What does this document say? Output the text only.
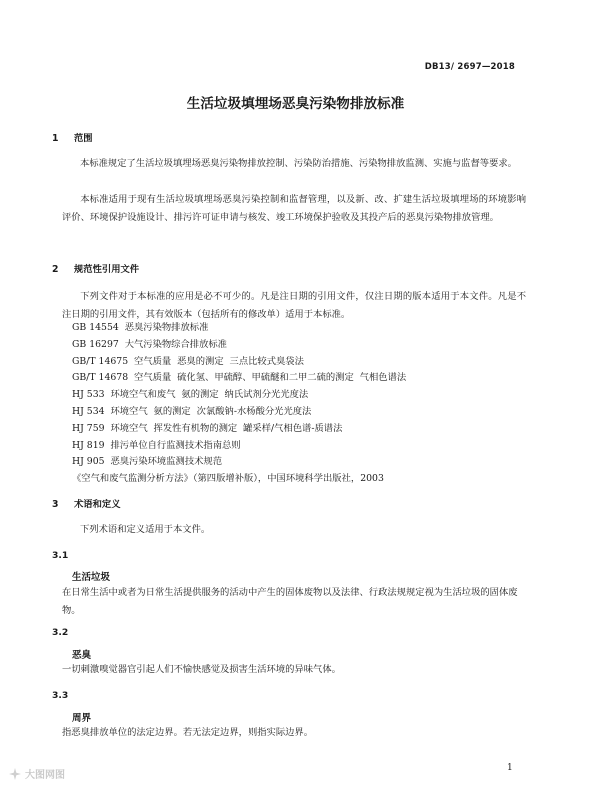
DB13/ 2697—2018
生活垃圾填埋场恶臭污染物排放标准
1 范围
本标准规定了生活垃圾填埋场恶臭污染物排放控制、污染防治措施、污染物排放监测、实施与监督等要求。
本标准适用于现有生活垃圾填埋场恶臭污染控制和监督管理，以及新、改、扩建生活垃圾填埋场的环境影响评价、环境保护设施设计、排污许可证申请与核发、竣工环境保护验收及其投产后的恶臭污染物排放管理。
2 规范性引用文件
下列文件对于本标准的应用是必不可少的。凡是注日期的引用文件，仅注日期的版本适用于本文件。凡是不注日期的引用文件，其有效版本（包括所有的修改单）适用于本标准。
GB 14554  恶臭污染物排放标准
GB 16297  大气污染物综合排放标准
GB/T 14675  空气质量  恶臭的测定  三点比较式臭袋法
GB/T 14678  空气质量  硫化氢、甲硫醇、甲硫醚和二甲二硫的测定  气相色谱法
HJ 533  环境空气和废气  氨的测定  纳氏试剂分光光度法
HJ 534  环境空气  氨的测定  次氯酸钠-水杨酸分光光度法
HJ 759  环境空气  挥发性有机物的测定  罐采样/气相色谱-质谱法
HJ 819  排污单位自行监测技术指南总则
HJ 905  恶臭污染环境监测技术规范
《空气和废气监测分析方法》（第四版增补版），中国环境科学出版社，2003
3 术语和定义
下列术语和定义适用于本文件。
3.1
生活垃圾
在日常生活中或者为日常生活提供服务的活动中产生的固体废物以及法律、行政法规规定视为生活垃圾的固体废物。
3.2
恶臭
一切刺激嗅觉器官引起人们不愉快感觉及损害生活环境的异味气体。
3.3
周界
指恶臭排放单位的法定边界。若无法定边界，则指实际边界。
1
大图网图
